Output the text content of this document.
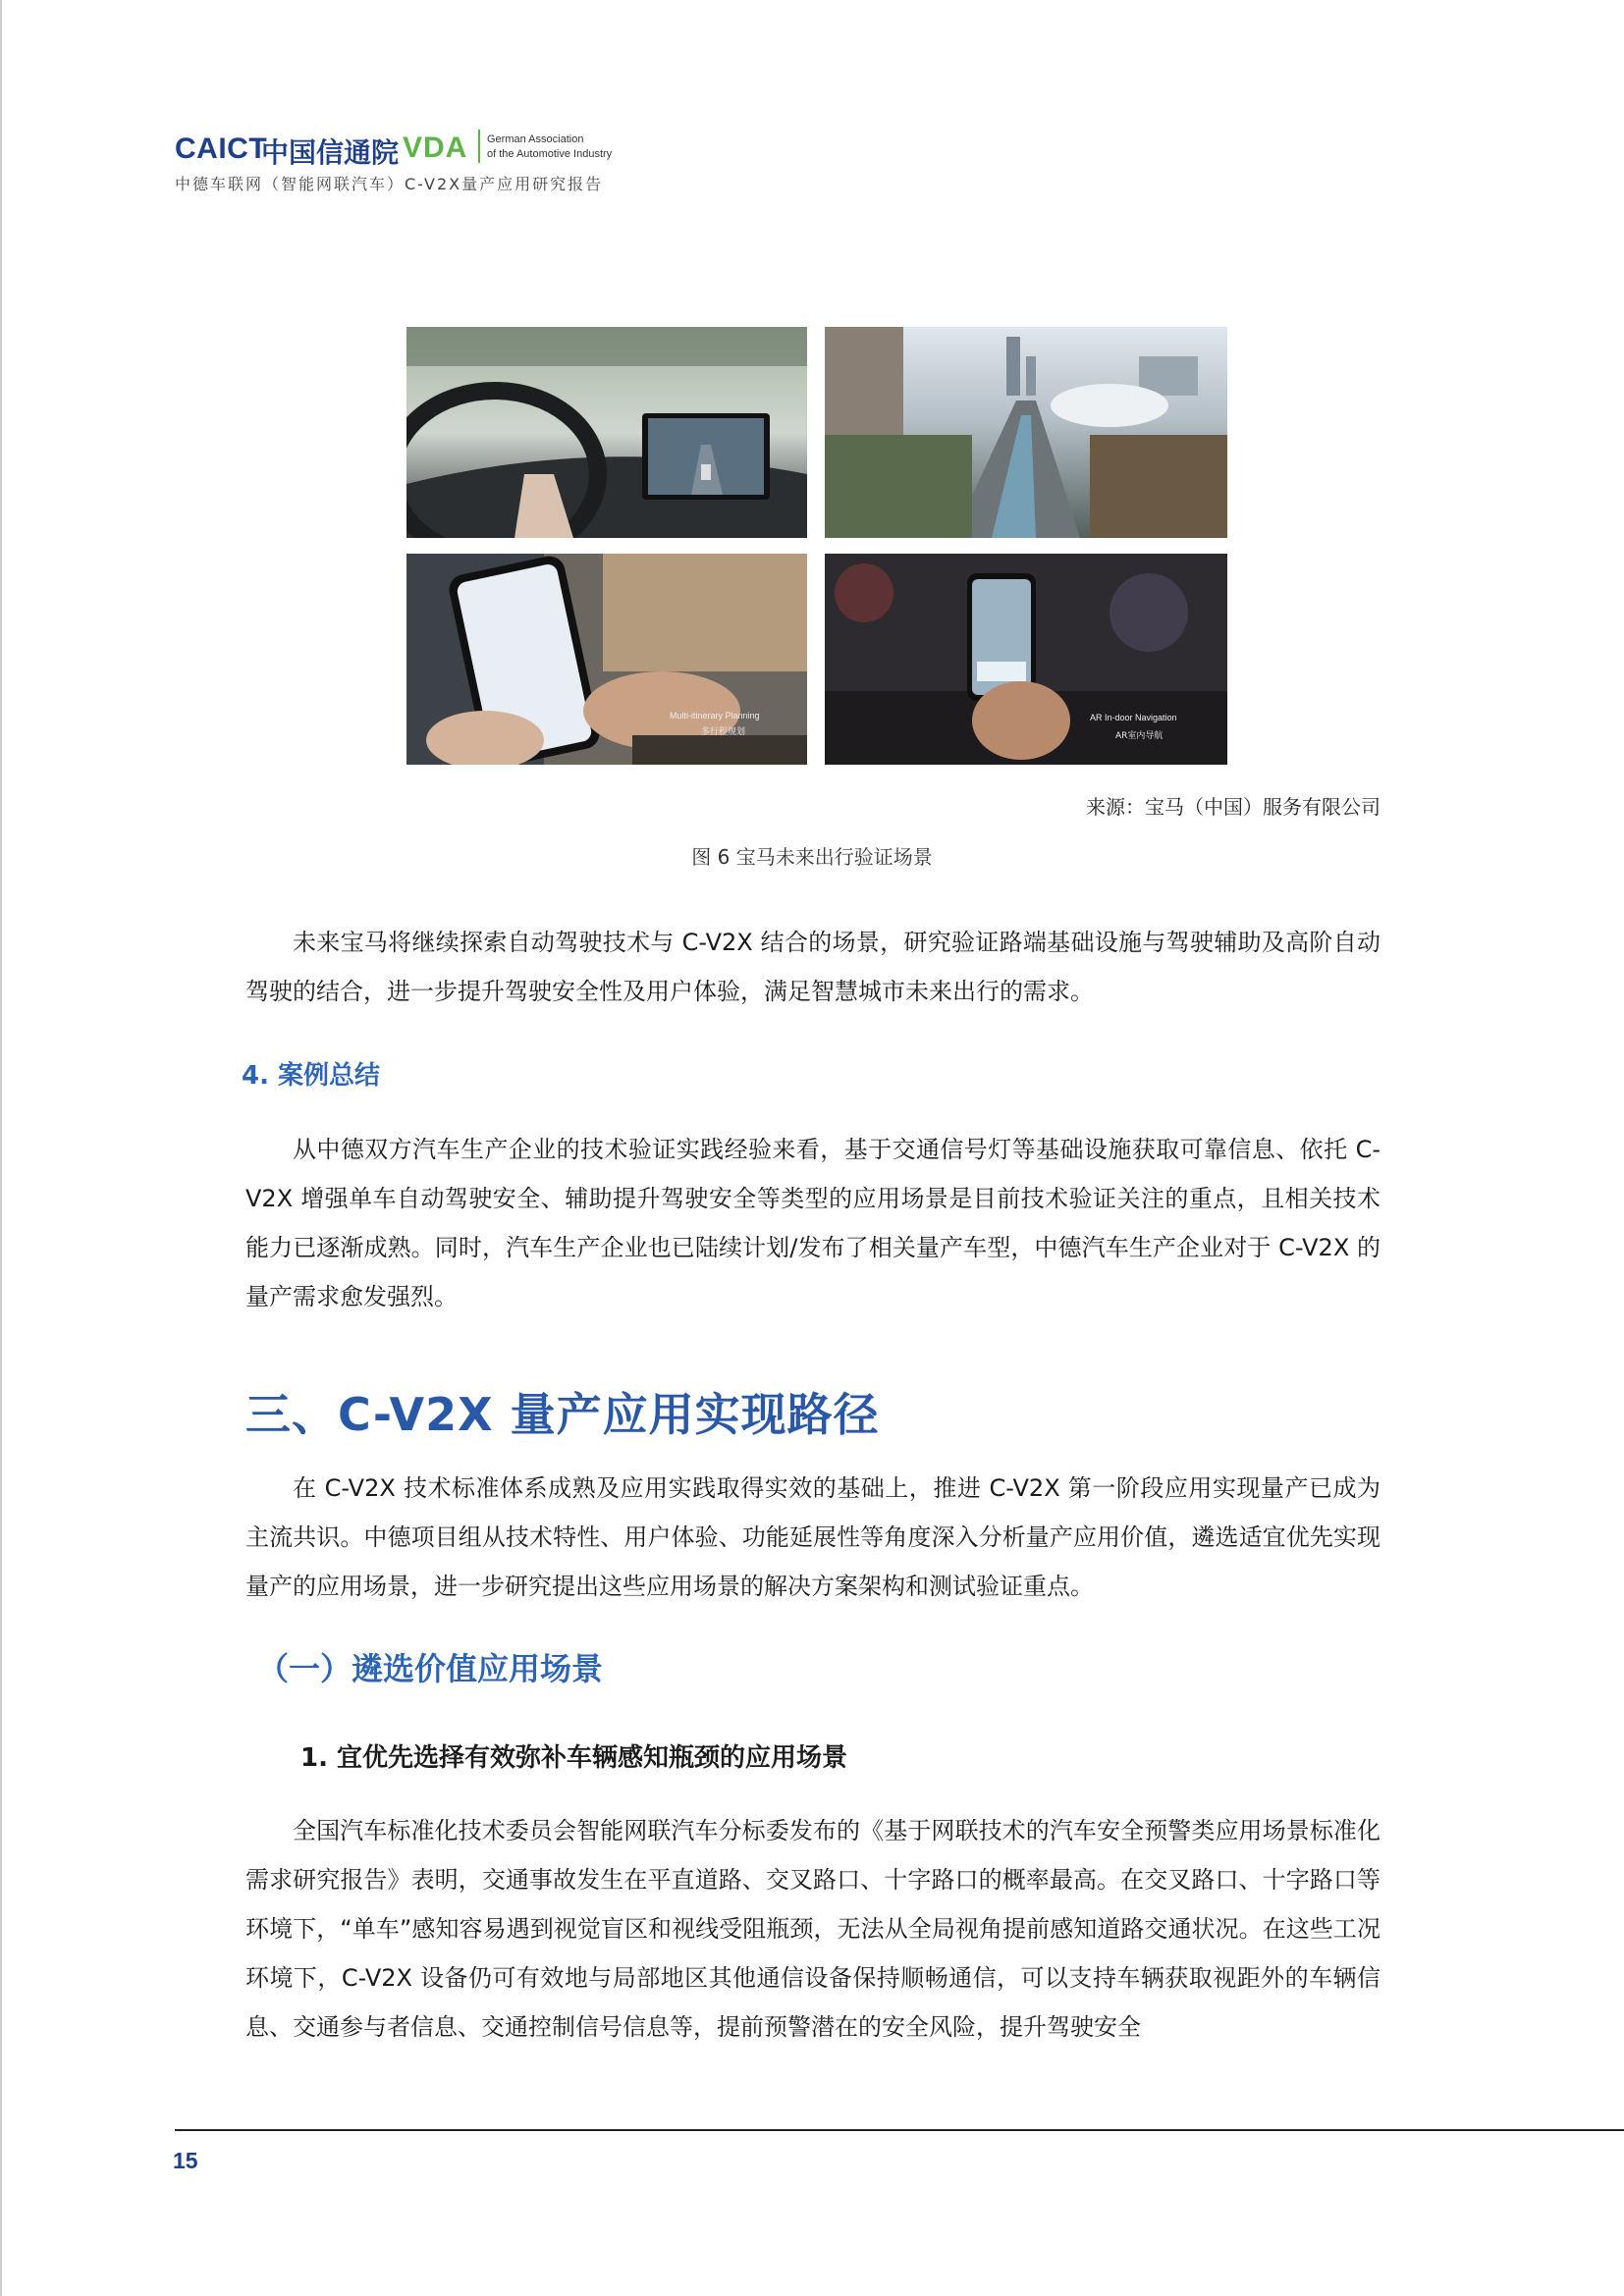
CAICT
中国信通院 VDA German Association
of the Automotive Industry
中德车联网（智能网联汽车）C-V2X量产应用研究报告
Multi-itinerary Planning
多行程规划
AR In-door Navigation
AR室内导航
来源：宝马（中国）服务有限公司
图 6 宝马未来出行验证场景

未来宝马将继续探索自动驾驶技术与 C-V2X 结合的场景，研究验证路端基础设施与驾驶辅助及高阶自动驾驶的结合，进一步提升驾驶安全性及用户体验，满足智慧城市未来出行的需求。

4. 案例总结

从中德双方汽车生产企业的技术验证实践经验来看，基于交通信号灯等基础设施获取可靠信息、依托 C-V2X 增强单车自动驾驶安全、辅助提升驾驶安全等类型的应用场景是目前技术验证关注的重点，且相关技术能力已逐渐成熟。同时，汽车生产企业也已陆续计划/发布了相关量产车型，中德汽车生产企业对于 C-V2X 的量产需求愈发强烈。

三、C-V2X 量产应用实现路径

在 C-V2X 技术标准体系成熟及应用实践取得实效的基础上，推进 C-V2X 第一阶段应用实现量产已成为主流共识。中德项目组从技术特性、用户体验、功能延展性等角度深入分析量产应用价值，遴选适宜优先实现量产的应用场景，进一步研究提出这些应用场景的解决方案架构和测试验证重点。

（一）遴选价值应用场景
1. 宜优先选择有效弥补车辆感知瓶颈的应用场景

全国汽车标准化技术委员会智能网联汽车分标委发布的《基于网联技术的汽车安全预警类应用场景标准化需求研究报告》表明，交通事故发生在平直道路、交叉路口、十字路口的概率最高。在交叉路口、十字路口等环境下，“单车”感知容易遇到视觉盲区和视线受阻瓶颈，无法从全局视角提前感知道路交通状况。在这些工况环境下，C-V2X 设备仍可有效地与局部地区其他通信设备保持顺畅通信，可以支持车辆获取视距外的车辆信息、交通参与者信息、交通控制信号信息等，提前预警潜在的安全风险，提升驾驶安全

15
